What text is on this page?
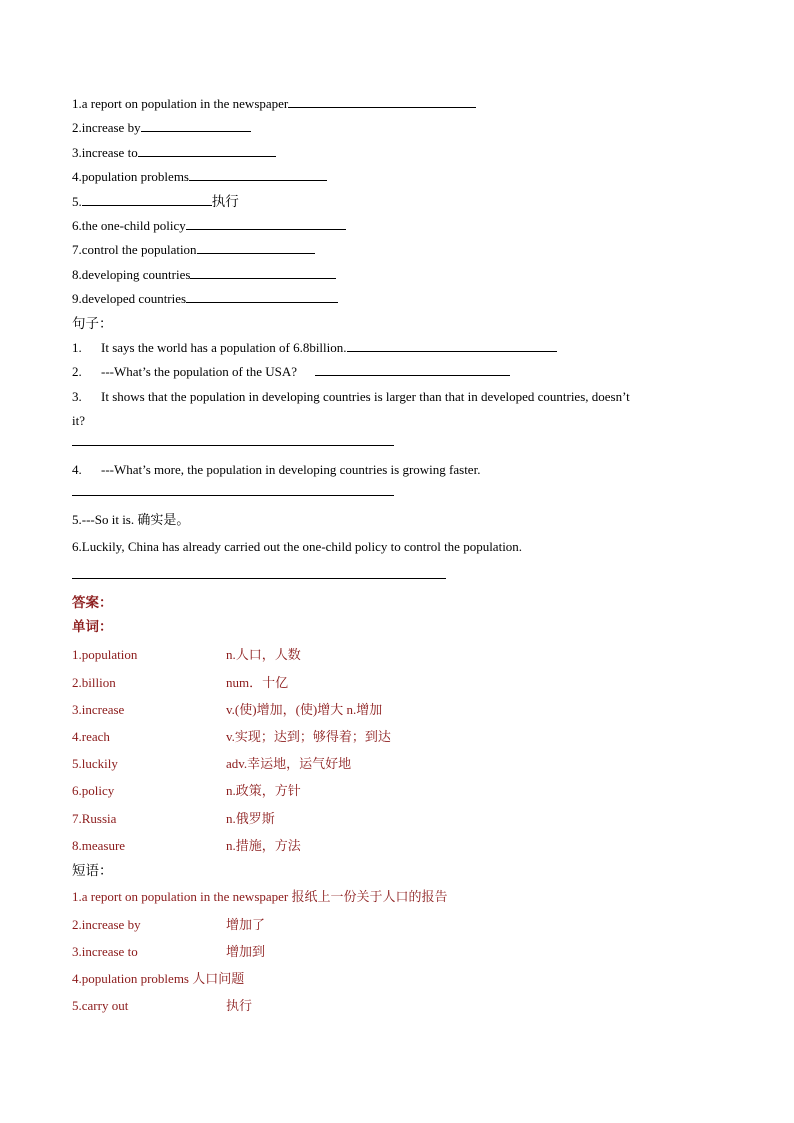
1.a report on population in the newspaper
2.increase by
3.increase to
4.population problems
5.	执行
6.the one-child policy
7.control the population
8.developing countries
9.developed countries
句子：
1.	It says the world has a population of 6.8billion.
2.	---What’s the population of the USA?
3.	It shows that the population in developing countries is larger than that in developed countries, doesn’t
it?
4.	---What’s more, the population in developing countries is growing faster.
5.---So it is. 确实是。
6.Luckily, China has already carried out the one-child policy to control the population.
答案：
单词：
1.population	n.人口，人数
2.billion	num．十亿
3.increase	v.(使)增加，(使)增大 n.增加
4.reach	v.实现；达到；够得着；到达
5.luckily	adv.幸运地，运气好地
6.policy	n.政策，方针
7.Russia	n.俄罗斯
8.measure	n.措施，方法
短语：
1.a report on population in the newspaper 报纸上一份关于人口的报告
2.increase by	增加了
3.increase to	增加到
4.population problems 人口问题
5.carry out	执行
